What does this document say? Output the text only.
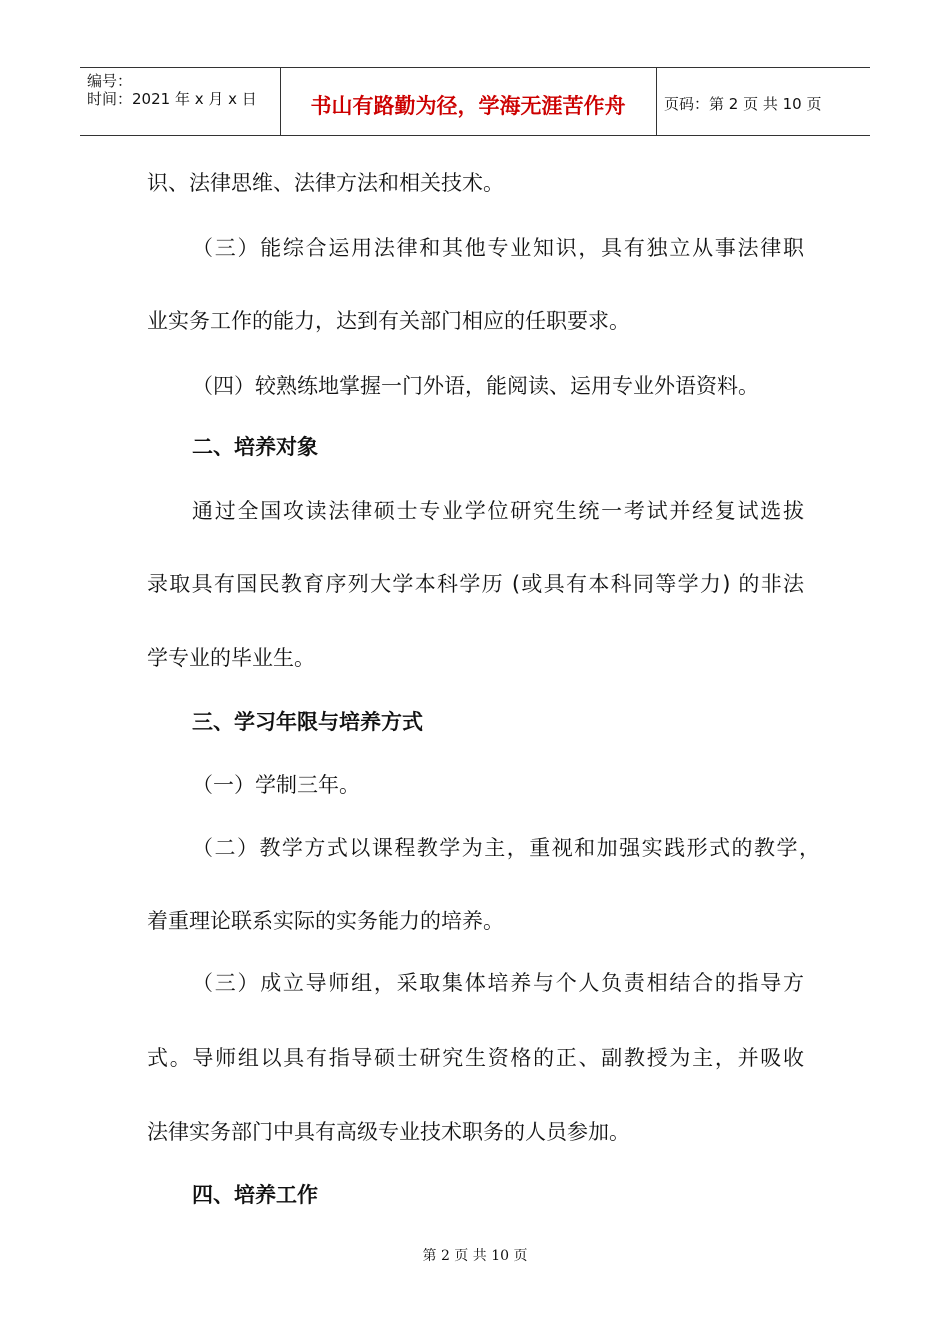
编号：
时间：2021 年 x 月 x 日	书山有路勤为径，学海无涯苦作舟	页码：第 2 页 共 10 页
识、法律思维、法律方法和相关技术。
（三）能综合运用法律和其他专业知识，具有独立从事法律职
业实务工作的能力，达到有关部门相应的任职要求。
（四）较熟练地掌握一门外语，能阅读、运用专业外语资料。
二、培养对象
通过全国攻读法律硕士专业学位研究生统一考试并经复试选拔
录取具有国民教育序列大学本科学历 (或具有本科同等学力) 的非法
学专业的毕业生。
三、学习年限与培养方式
（一）学制三年。
（二）教学方式以课程教学为主，重视和加强实践形式的教学，
着重理论联系实际的实务能力的培养。
（三）成立导师组，采取集体培养与个人负责相结合的指导方
式。导师组以具有指导硕士研究生资格的正、副教授为主，并吸收
法律实务部门中具有高级专业技术职务的人员参加。
四、培养工作
第 2 页 共 10 页
